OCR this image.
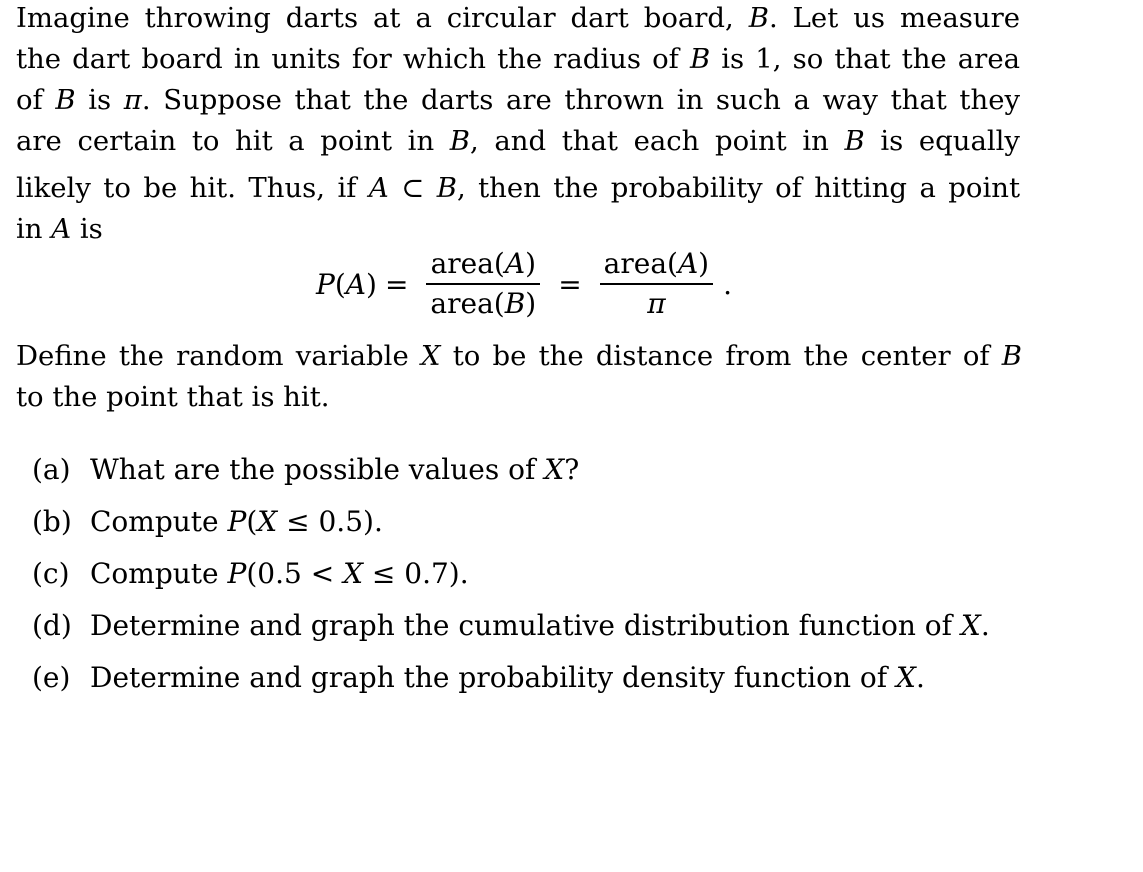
Imagine throwing darts at a circular dart board, B. Let us measure
the dart board in units for which the radius of B is 1, so that the area
of B is π. Suppose that the darts are thrown in such a way that they
are certain to hit a point in B, and that each point in B is equally
likely to be hit. Thus, if A ⊂ B, then the probability of hitting a point
in A is
$P(A) = \frac{\text{area(A)}}{\text{area(B)}} = \frac{\text{area(A)}}{\pi}$ .
Define the random variable X to be the distance from the center of B
to the point that is hit.
(a) What are the possible values of X?
(b) Compute P(X ≤ 0.5).
(c) Compute P(0.5 < X ≤ 0.7).
(d) Determine and graph the cumulative distribution function of X.
(e) Determine and graph the probability density function of X.
